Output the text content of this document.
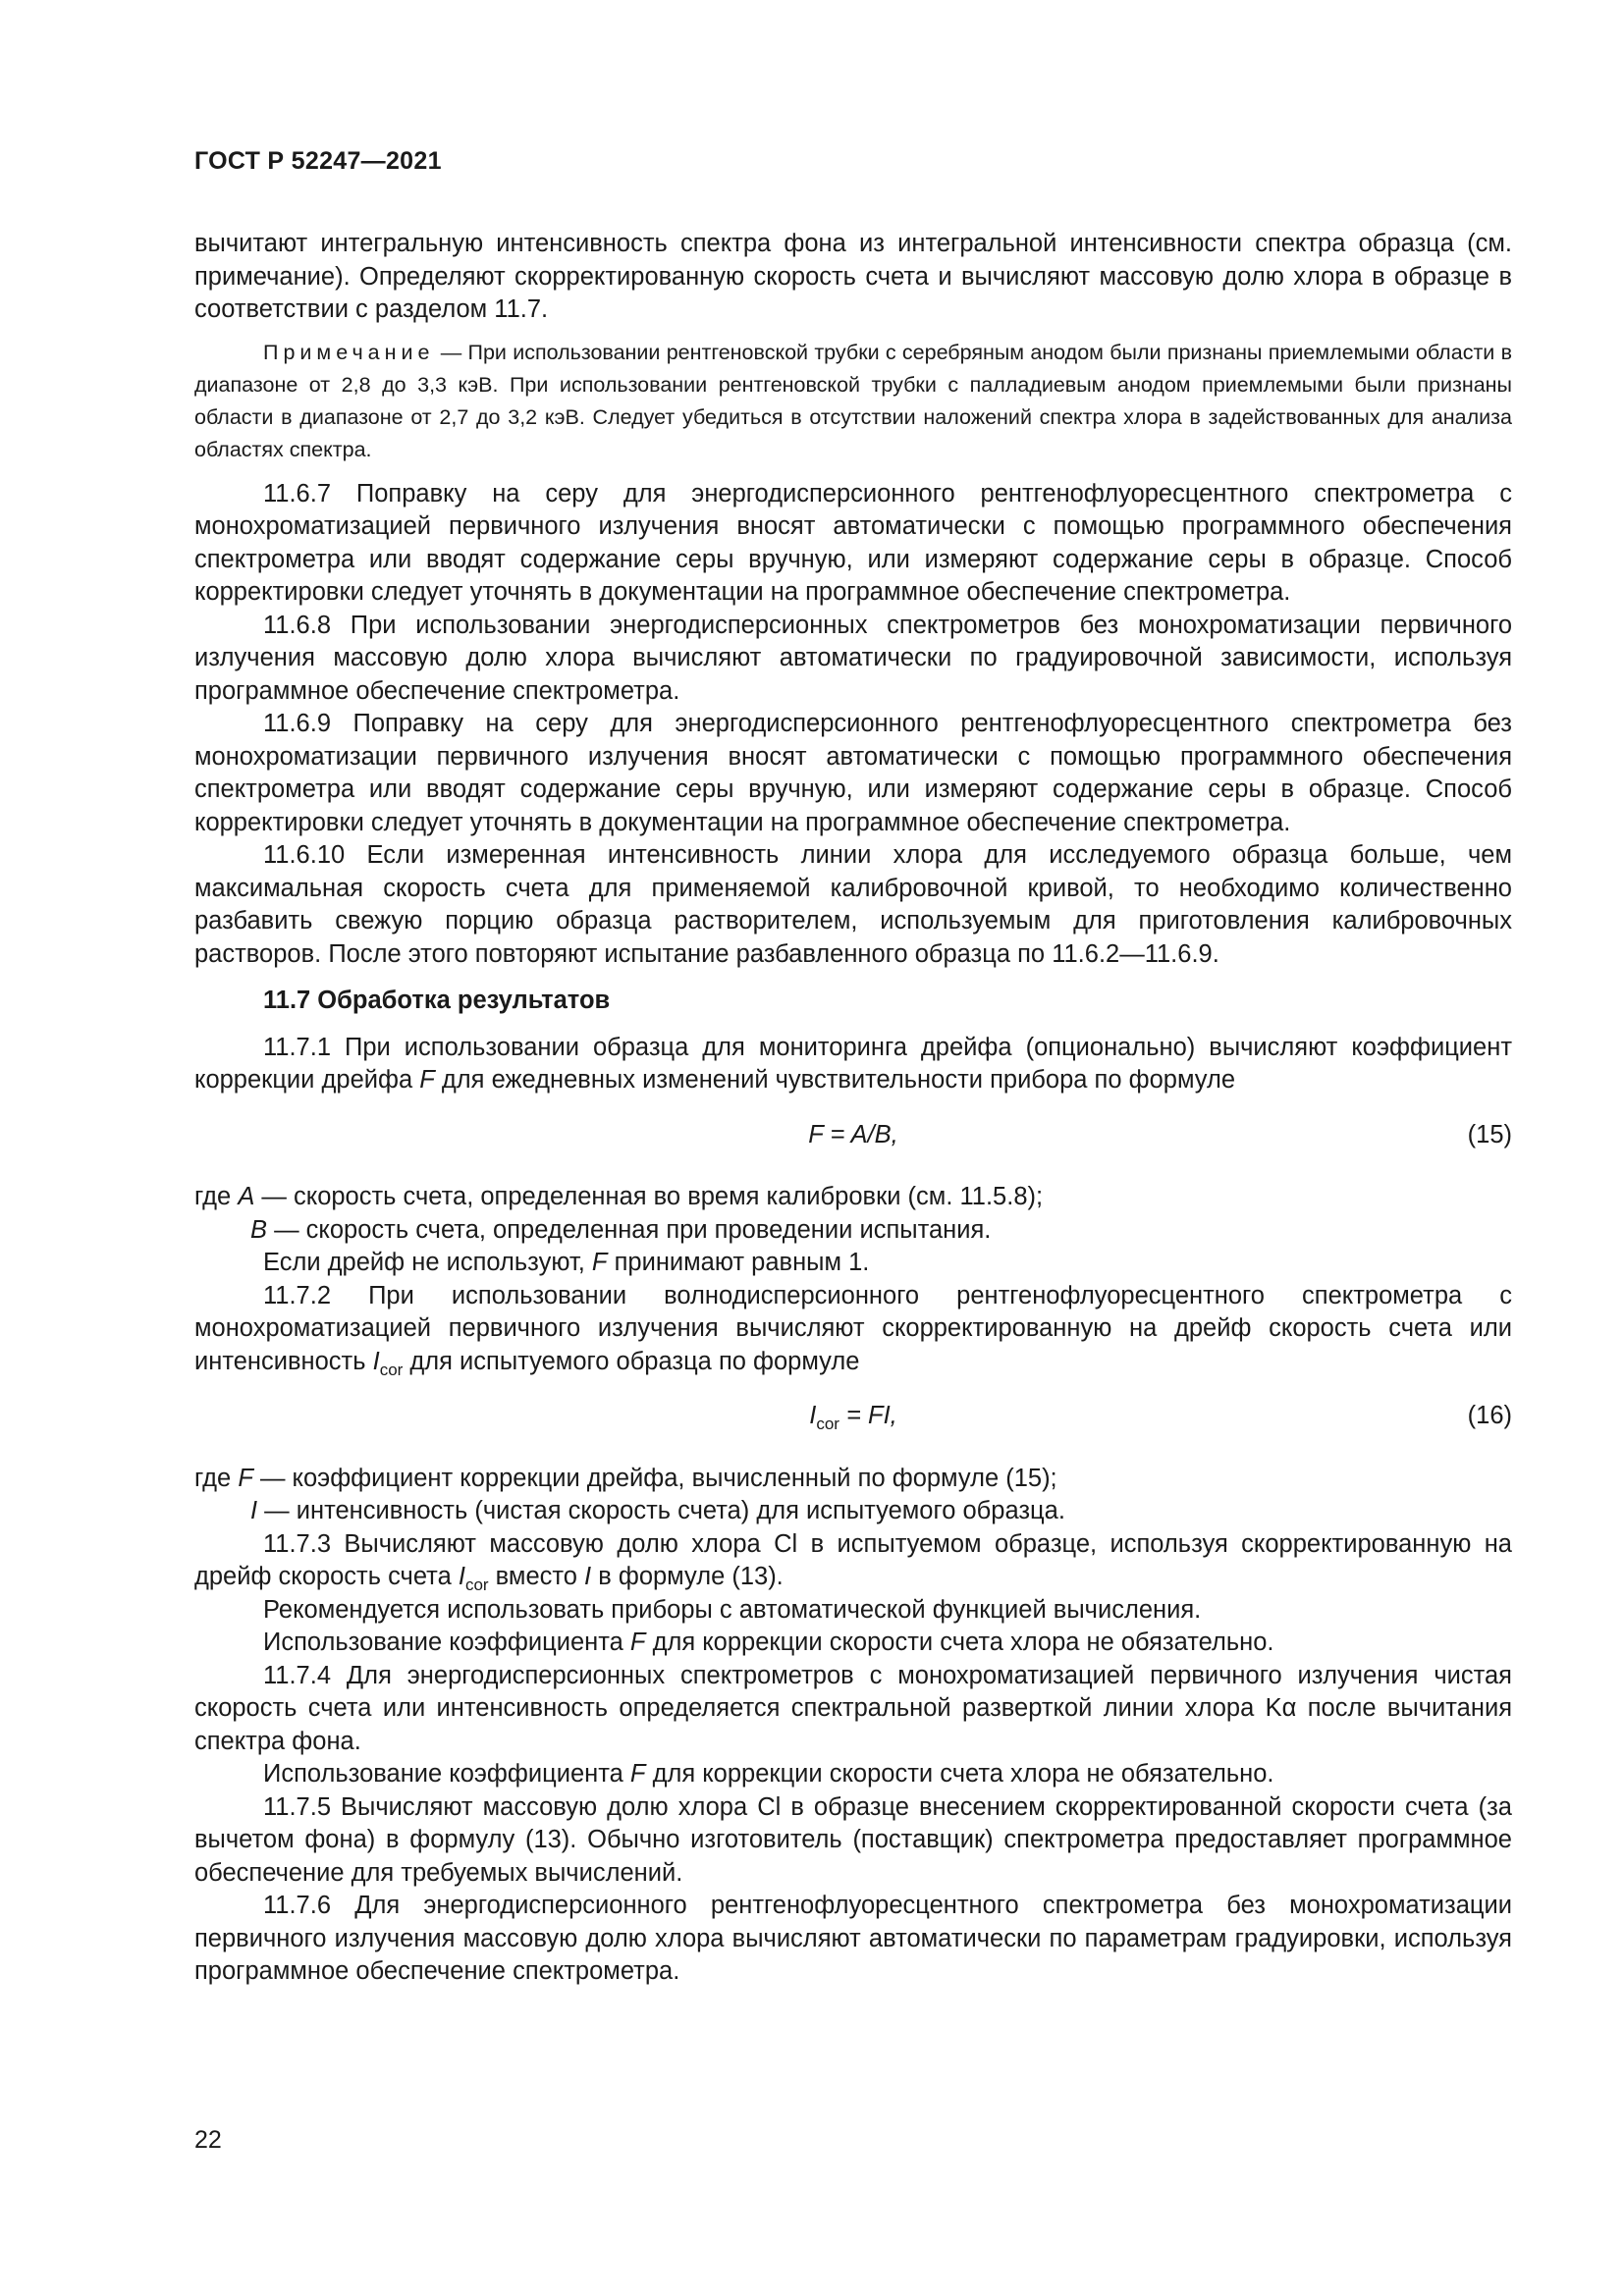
ГОСТ Р 52247—2021

вычитают интегральную интенсивность спектра фона из интегральной интенсивности спектра образца (см. примечание). Определяют скорректированную скорость счета и вычисляют массовую долю хлора в образце в соответствии с разделом 11.7.

Примечание — При использовании рентгеновской трубки с серебряным анодом были признаны приемлемыми области в диапазоне от 2,8 до 3,3 кэВ. При использовании рентгеновской трубки с палладиевым анодом приемлемыми были признаны области в диапазоне от 2,7 до 3,2 кэВ. Следует убедиться в отсутствии наложений спектра хлора в задействованных для анализа областях спектра.

11.6.7 Поправку на серу для энергодисперсионного рентгенофлуоресцентного спектрометра с монохроматизацией первичного излучения вносят автоматически с помощью программного обеспечения спектрометра или вводят содержание серы вручную, или измеряют содержание серы в образце. Способ корректировки следует уточнять в документации на программное обеспечение спектрометра.

11.6.8 При использовании энергодисперсионных спектрометров без монохроматизации первичного излучения массовую долю хлора вычисляют автоматически по градуировочной зависимости, используя программное обеспечение спектрометра.

11.6.9 Поправку на серу для энергодисперсионного рентгенофлуоресцентного спектрометра без монохроматизации первичного излучения вносят автоматически с помощью программного обеспечения спектрометра или вводят содержание серы вручную, или измеряют содержание серы в образце. Способ корректировки следует уточнять в документации на программное обеспечение спектрометра.

11.6.10 Если измеренная интенсивность линии хлора для исследуемого образца больше, чем максимальная скорость счета для применяемой калибровочной кривой, то необходимо количественно разбавить свежую порцию образца растворителем, используемым для приготовления калибровочных растворов. После этого повторяют испытание разбавленного образца по 11.6.2—11.6.9.

11.7 Обработка результатов

11.7.1 При использовании образца для мониторинга дрейфа (опционально) вычисляют коэффициент коррекции дрейфа F для ежедневных изменений чувствительности прибора по формуле

F = A/B,	(15)

где A — скорость счета, определенная во время калибровки (см. 11.5.8);

B — скорость счета, определенная при проведении испытания.

Если дрейф не используют, F принимают равным 1.

11.7.2 При использовании волнодисперсионного рентгенофлуоресцентного спектрометра с монохроматизацией первичного излучения вычисляют скорректированную на дрейф скорость счета или интенсивность $I_{cor}$ для испытуемого образца по формуле

$I_{cor}$ = FI,	(16)

где F — коэффициент коррекции дрейфа, вычисленный по формуле (15);

I — интенсивность (чистая скорость счета) для испытуемого образца.

11.7.3 Вычисляют массовую долю хлора Cl в испытуемом образце, используя скорректированную на дрейф скорость счета $I_{cor}$ вместо I в формуле (13).

Рекомендуется использовать приборы с автоматической функцией вычисления.

Использование коэффициента F для коррекции скорости счета хлора не обязательно.

11.7.4 Для энергодисперсионных спектрометров с монохроматизацией первичного излучения чистая скорость счета или интенсивность определяется спектральной разверткой линии хлора Kα после вычитания спектра фона.

Использование коэффициента F для коррекции скорости счета хлора не обязательно.

11.7.5 Вычисляют массовую долю хлора Cl в образце внесением скорректированной скорости счета (за вычетом фона) в формулу (13). Обычно изготовитель (поставщик) спектрометра предоставляет программное обеспечение для требуемых вычислений.

11.7.6 Для энергодисперсионного рентгенофлуоресцентного спектрометра без монохроматизации первичного излучения массовую долю хлора вычисляют автоматически по параметрам градуировки, используя программное обеспечение спектрометра.

22
